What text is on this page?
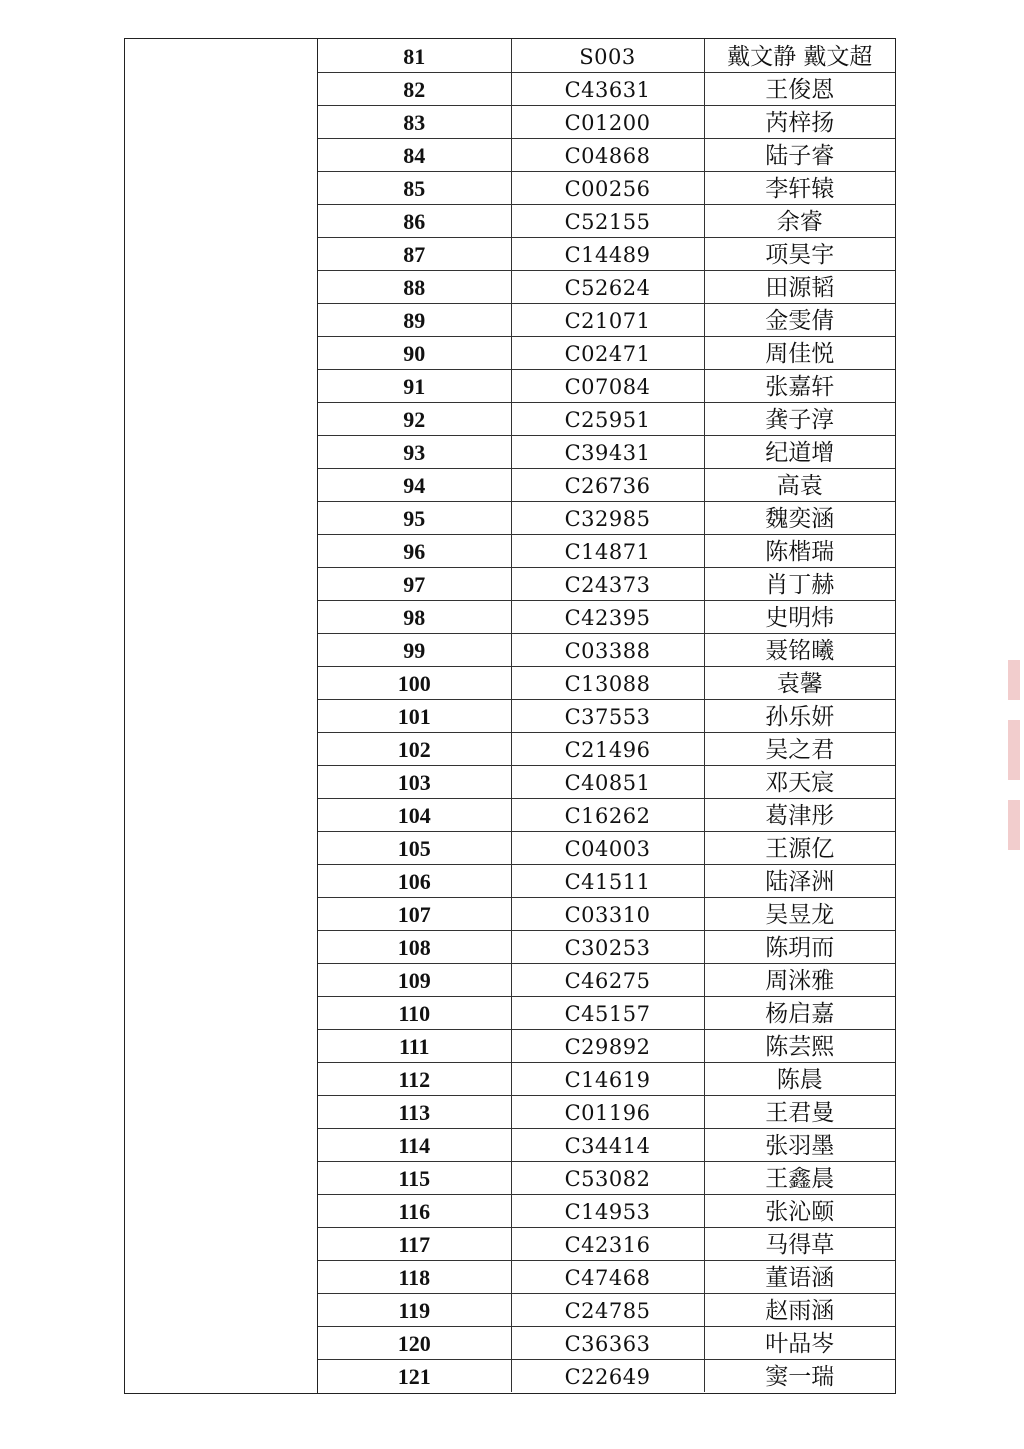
81	S003	戴文静 戴文超
82	C43631	王俊恩
83	C01200	芮梓扬
84	C04868	陆子睿
85	C00256	李轩辕
86	C52155	余睿
87	C14489	项昊宇
88	C52624	田源韬
89	C21071	金雯倩
90	C02471	周佳悦
91	C07084	张嘉轩
92	C25951	龚子淳
93	C39431	纪道增
94	C26736	高袁
95	C32985	魏奕涵
96	C14871	陈楷瑞
97	C24373	肖丁赫
98	C42395	史明炜
99	C03388	聂铭曦
100	C13088	袁馨
101	C37553	孙乐妍
102	C21496	吴之君
103	C40851	邓天宸
104	C16262	葛津彤
105	C04003	王源亿
106	C41511	陆泽洲
107	C03310	吴昱龙
108	C30253	陈玥而
109	C46275	周洣雅
110	C45157	杨启嘉
111	C29892	陈芸熙
112	C14619	陈晨
113	C01196	王君曼
114	C34414	张羽墨
115	C53082	王鑫晨
116	C14953	张沁颐
117	C42316	马得草
118	C47468	董语涵
119	C24785	赵雨涵
120	C36363	叶品岑
121	C22649	窦一瑞
